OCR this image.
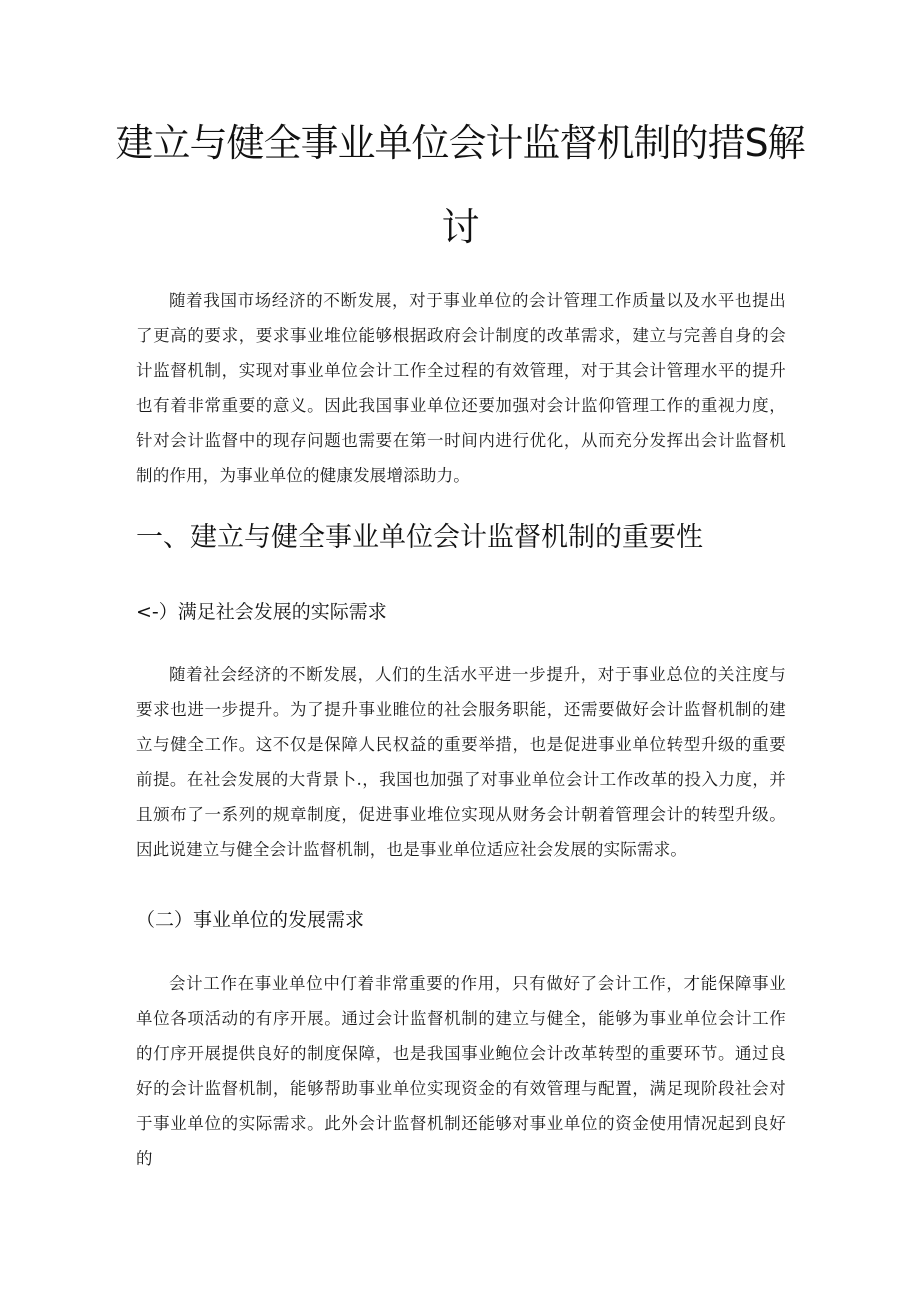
建立与健全事业单位会计监督机制的措S解
讨
随着我国市场经济的不断发展，对于事业单位的会计管理工作质量以及水平也提出了更高的要求，要求事业堆位能够根据政府会计制度的改革需求，建立与完善自身的会计监督机制，实现对事业单位会计工作全过程的有效管理，对于其会计管理水平的提升也有着非常重要的意义。因此我国事业单位还要加强对会计监仰管理工作的重视力度，针对会计监督中的现存问题也需要在第一时间内进行优化，从而充分发挥出会计监督机制的作用，为事业单位的健康发展增添助力。
一、建立与健全事业单位会计监督机制的重要性
<-）满足社会发展的实际需求
随着社会经济的不断发展，人们的生活水平进一步提升，对于事业总位的关注度与要求也进一步提升。为了提升事业睢位的社会服务职能，还需要做好会计监督机制的建立与健全工作。这不仅是保障人民权益的重要举措，也是促进事业单位转型升级的重要前提。在社会发展的大背景卜.，我国也加强了对事业单位会计工作改革的投入力度，并且颁布了一系列的规章制度，促进事业堆位实现从财务会计朝着管理会计的转型升级。因此说建立与健全会计监督机制，也是事业单位适应社会发展的实际需求。
（二）事业单位的发展需求
会计工作在事业单位中仃着非常重要的作用，只有做好了会计工作，才能保障事业单位各项活动的有序开展。通过会计监督机制的建立与健全，能够为事业单位会计工作的仃序开展提供良好的制度保障，也是我国事业鲍位会计改革转型的重要环节。通过良好的会计监督机制，能够帮助事业单位实现资金的有效管理与配置，满足现阶段社会对于事业单位的实际需求。此外会计监督机制还能够对事业单位的资金使用情况起到良好的
